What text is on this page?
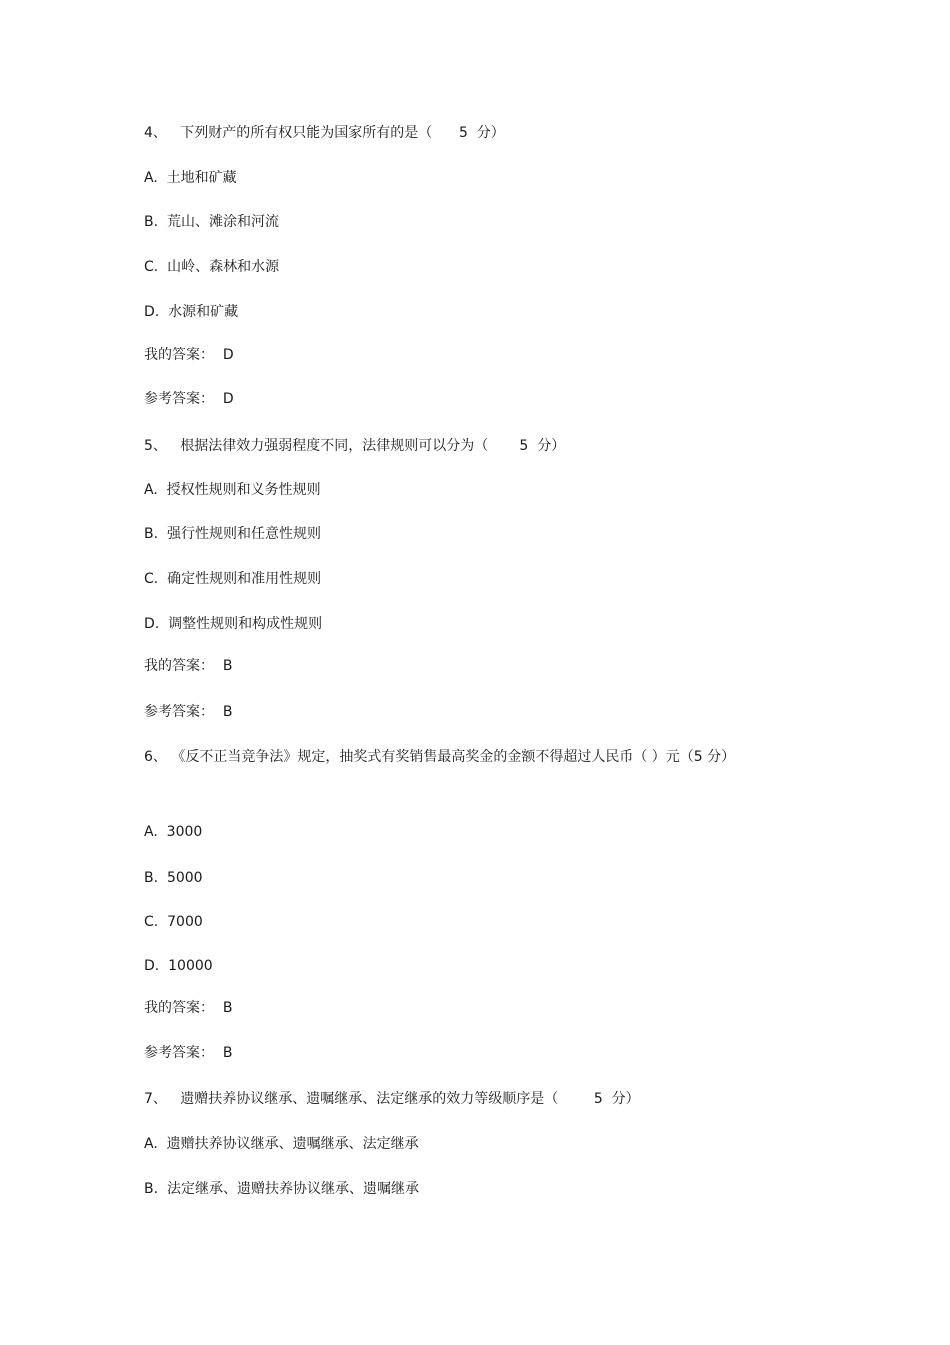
4、   下列财产的所有权只能为国家所有的是（      5  分）
A.  土地和矿藏
B.  荒山、滩涂和河流
C.  山岭、森林和水源
D.  水源和矿藏
我的答案：  D
参考答案：  D
5、   根据法律效力强弱程度不同，法律规则可以分为（       5  分）
A.  授权性规则和义务性规则
B.  强行性规则和任意性规则
C.  确定性规则和准用性规则
D.  调整性规则和构成性规则
我的答案：  B
参考答案：  B
6、 《反不正当竞争法》规定，抽奖式有奖销售最高奖金的金额不得超过人民币（ ）元（5 分）
A.  3000
B.  5000
C.  7000
D.  10000
我的答案：  B
参考答案：  B
7、   遗赠扶养协议继承、遗嘱继承、法定继承的效力等级顺序是（        5  分）
A.  遗赠扶养协议继承、遗嘱继承、法定继承
B.  法定继承、遗赠扶养协议继承、遗嘱继承
